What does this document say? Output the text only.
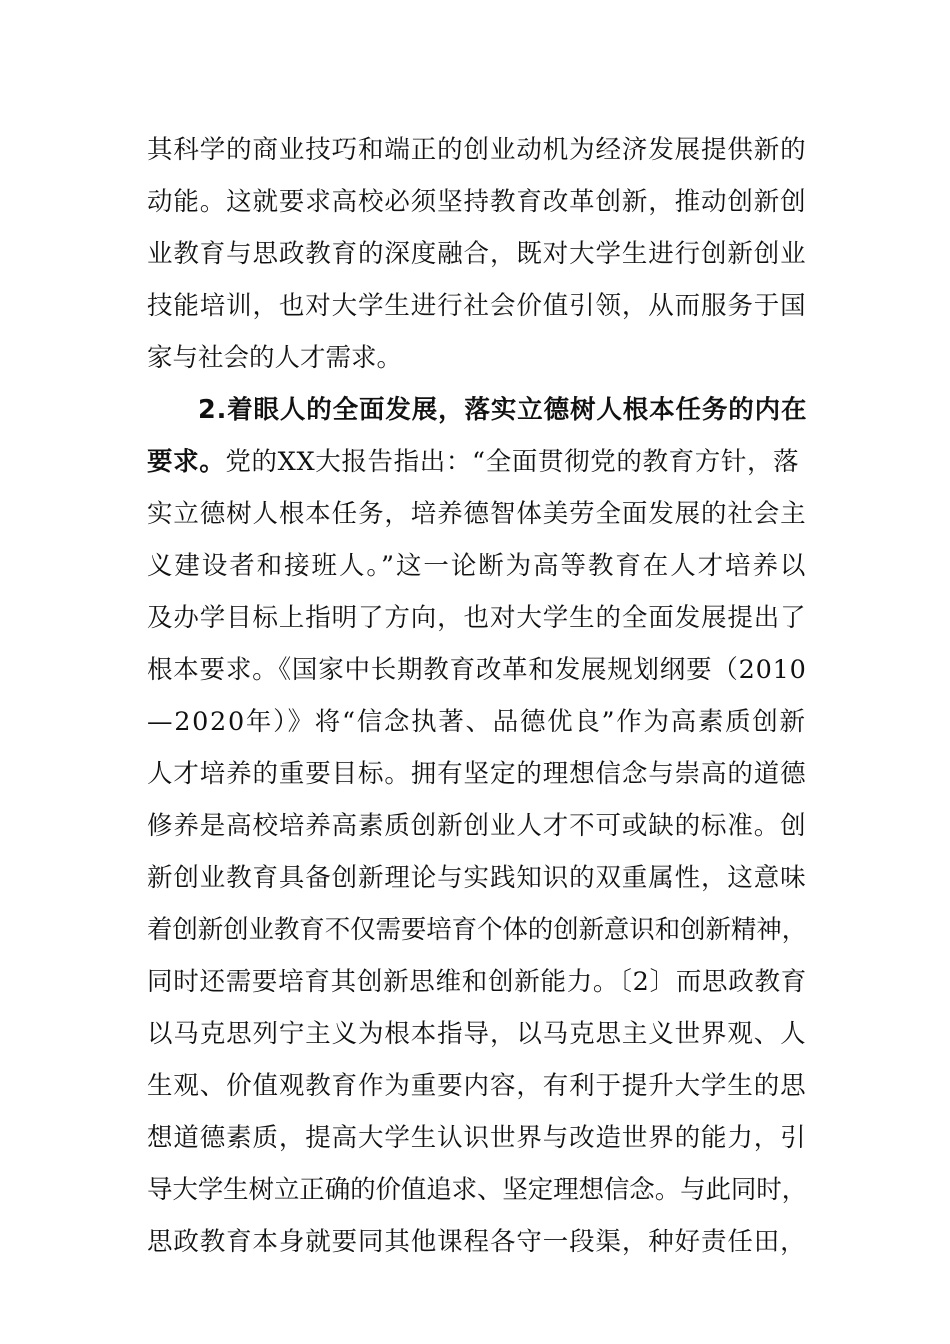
其科学的商业技巧和端正的创业动机为经济发展提供新的
动能。这就要求高校必须坚持教育改革创新，推动创新创
业教育与思政教育的深度融合，既对大学生进行创新创业
技能培训，也对大学生进行社会价值引领，从而服务于国
家与社会的人才需求。
2.着眼人的全面发展，落实立德树人根本任务的内在
要求。党的XX大报告指出：“全面贯彻党的教育方针，落
实立德树人根本任务，培养德智体美劳全面发展的社会主
义建设者和接班人。”这一论断为高等教育在人才培养以
及办学目标上指明了方向，也对大学生的全面发展提出了
根本要求。《国家中长期教育改革和发展规划纲要（2010
—2020年）》将“信念执著、品德优良”作为高素质创新
人才培养的重要目标。拥有坚定的理想信念与崇高的道德
修养是高校培养高素质创新创业人才不可或缺的标准。创
新创业教育具备创新理论与实践知识的双重属性，这意味
着创新创业教育不仅需要培育个体的创新意识和创新精神，
同时还需要培育其创新思维和创新能力。〔2〕而思政教育
以马克思列宁主义为根本指导，以马克思主义世界观、人
生观、价值观教育作为重要内容，有利于提升大学生的思
想道德素质，提高大学生认识世界与改造世界的能力，引
导大学生树立正确的价值追求、坚定理想信念。与此同时，
思政教育本身就要同其他课程各守一段渠，种好责任田，
